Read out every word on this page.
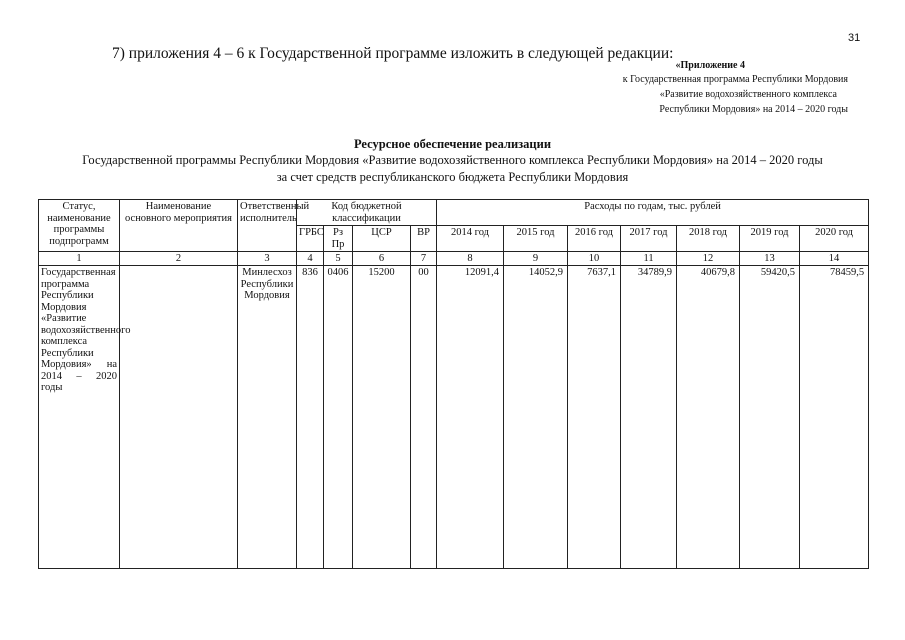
31
7) приложения 4 – 6 к Государственной программе изложить в следующей редакции:
«Приложение 4
к Государственная программа Республики Мордовия
«Развитие водохозяйственного комплекса
Республики Мордовия» на 2014 – 2020 годы
Ресурсное обеспечение реализации
Государственной программы Республики Мордовия «Развитие водохозяйственного комплекса Республики Мордовия» на 2014 – 2020 годы
за счет средств республиканского бюджета Республики Мордовия
Статус, наименование программы подпрограмм	Наименование основного мероприятия	Ответственный исполнитель	Код бюджетной классификации				Расходы по годам, тыс. рублей						
			ГРБС	Рз Пр	ЦСР	ВР	2014 год	2015 год	2016 год	2017 год	2018 год	2019 год	2020 год
1	2	3	4	5	6	7	8	9	10	11	12	13	14
Государственная программа Республики Мордовия «Развитие водохозяйственного комплекса Республики Мордовия» на 2014 – 2020 годы		Минлесхоз Республики Мордовия	836	0406	15200	00	12091,4	14052,9	7637,1	34789,9	40679,8	59420,5	78459,5
